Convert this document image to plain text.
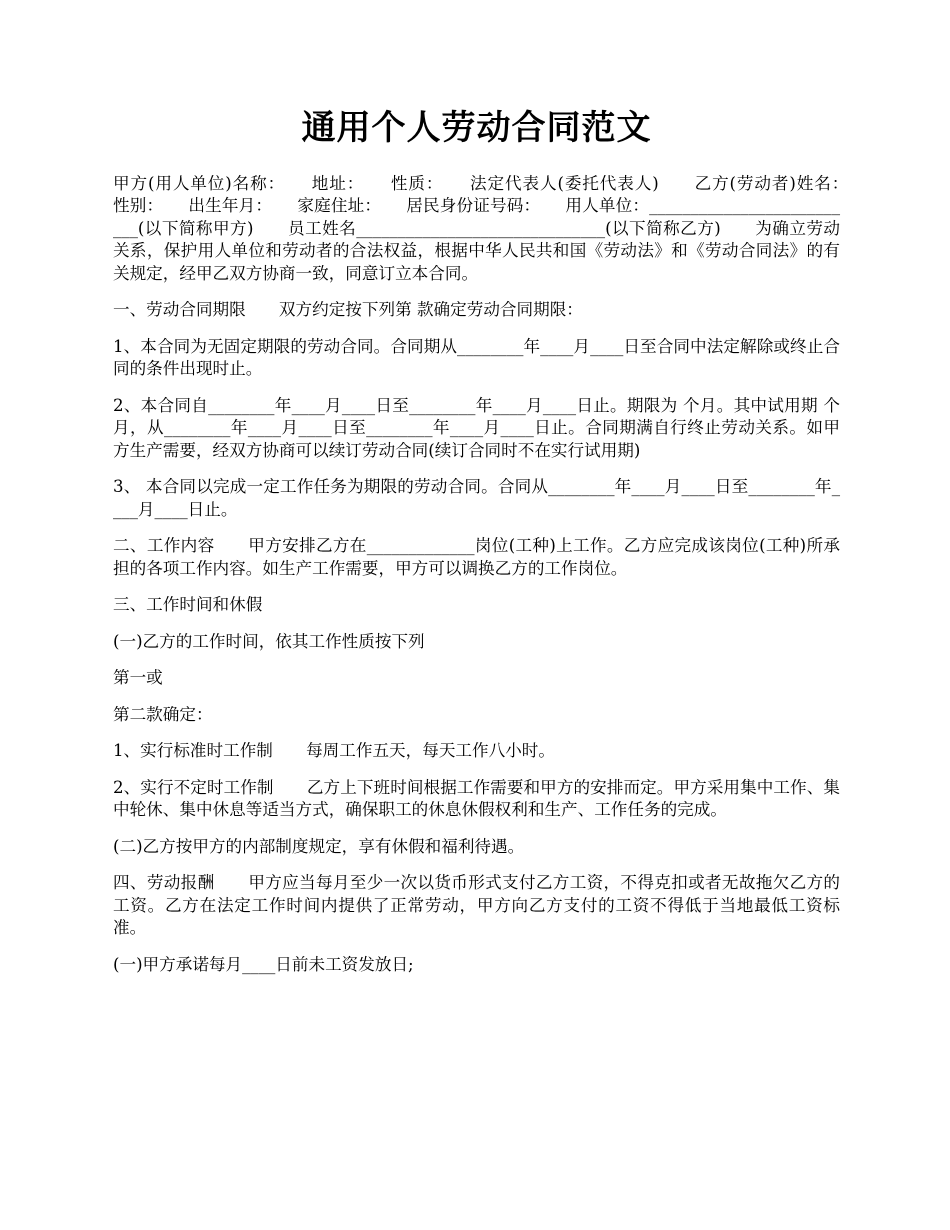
通用个人劳动合同范文

甲方(用人单位)名称：　　地址：　　性质：　　法定代表人(委托代表人)　　乙方(劳动者)姓名：　　性别：　　出生年月：　　家庭住址：　　居民身份证号码：　　用人单位：__________________________(以下简称甲方)　　员工姓名______________________________(以下简称乙方)　　为确立劳动关系，保护用人单位和劳动者的合法权益，根据中华人民共和国《劳动法》和《劳动合同法》的有关规定，经甲乙双方协商一致，同意订立本合同。

一、劳动合同期限　　双方约定按下列第 款确定劳动合同期限：

1、本合同为无固定期限的劳动合同。合同期从________年____月____日至合同中法定解除或终止合同的条件出现时止。

2、本合同自________年____月____日至________年____月____日止。期限为 个月。其中试用期 个月，从________年____月____日至________年____月____日止。合同期满自行终止劳动关系。如甲方生产需要，经双方协商可以续订劳动合同(续订合同时不在实行试用期)

3、 本合同以完成一定工作任务为期限的劳动合同。合同从________年____月____日至________年____月____日止。

二、工作内容　　甲方安排乙方在_____________岗位(工种)上工作。乙方应完成该岗位(工种)所承担的各项工作内容。如生产工作需要，甲方可以调换乙方的工作岗位。

三、工作时间和休假

(一)乙方的工作时间，依其工作性质按下列

第一或

第二款确定：

1、实行标准时工作制　　每周工作五天，每天工作八小时。

2、实行不定时工作制　　乙方上下班时间根据工作需要和甲方的安排而定。甲方采用集中工作、集中轮休、集中休息等适当方式，确保职工的休息休假权利和生产、工作任务的完成。

(二)乙方按甲方的内部制度规定，享有休假和福利待遇。

四、劳动报酬　　甲方应当每月至少一次以货币形式支付乙方工资，不得克扣或者无故拖欠乙方的工资。乙方在法定工作时间内提供了正常劳动，甲方向乙方支付的工资不得低于当地最低工资标准。

(一)甲方承诺每月____日前未工资发放日;
